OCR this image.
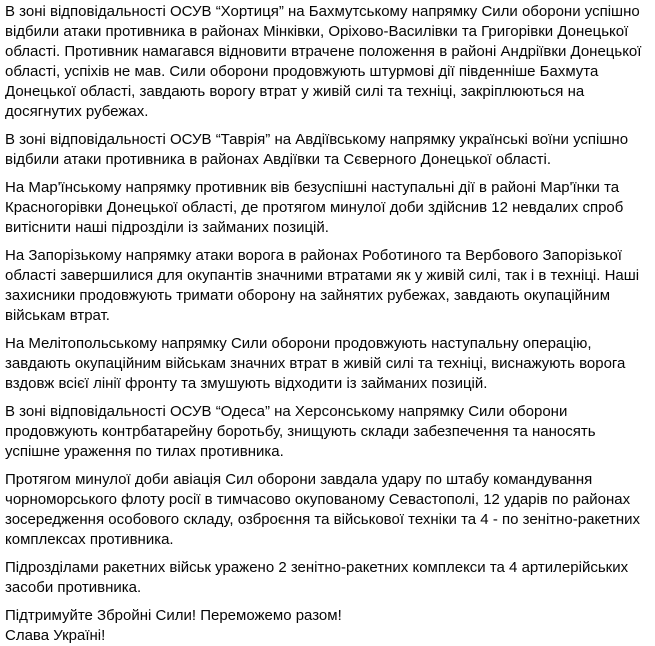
В зоні відповідальності ОСУВ “Хортиця” на Бахмутському напрямку Сили оборони успішно відбили атаки противника в районах Мінківки, Оріхово-Василівки та Григорівки Донецької області. Противник намагався відновити втрачене положення в районі Андріївки Донецької області, успіхів не мав. Сили оборони продовжують штурмові дії південніше Бахмута Донецької області, завдають ворогу втрат у живій силі та техніці, закріплюються на досягнутих рубежах.

В зоні відповідальності ОСУВ “Таврія” на Авдіївському напрямку українські воїни успішно відбили атаки противника в районах Авдіївки та Сєверного Донецької області.

На Мар'їнському напрямку противник вів безуспішні наступальні дії в районі Мар'їнки та Красногорівки Донецької області, де протягом минулої доби здійснив 12 невдалих спроб витіснити наші підрозділи із займаних позицій.

На Запорізькому напрямку атаки ворога в районах Роботиного та Вербового Запорізької області завершилися для окупантів значними втратами як у живій силі, так і в техніці. Наші захисники продовжують тримати оборону на зайнятих рубежах, завдають окупаційним військам втрат.

На Мелітопольському напрямку Сили оборони продовжують наступальну операцію, завдають окупаційним військам значних втрат в живій силі та техніці, виснажують ворога вздовж всієї лінії фронту та змушують відходити із займаних позицій.

В зоні відповідальності ОСУВ “Одеса” на Херсонському напрямку Сили оборони продовжують контрбатарейну боротьбу, знищують склади забезпечення та наносять успішне ураження по тилах противника.

Протягом минулої доби авіація Сил оборони завдала удару по штабу командування чорноморського флоту росії в тимчасово окупованому Севастополі, 12 ударів по районах зосередження особового складу, озброєння та військової техніки та 4 - по зенітно-ракетних комплексах противника.

Підрозділами ракетних військ уражено 2 зенітно-ракетних комплекси та 4 артилерійських засоби противника.

Підтримуйте Збройні Сили! Переможемо разом!

Слава Україні!
